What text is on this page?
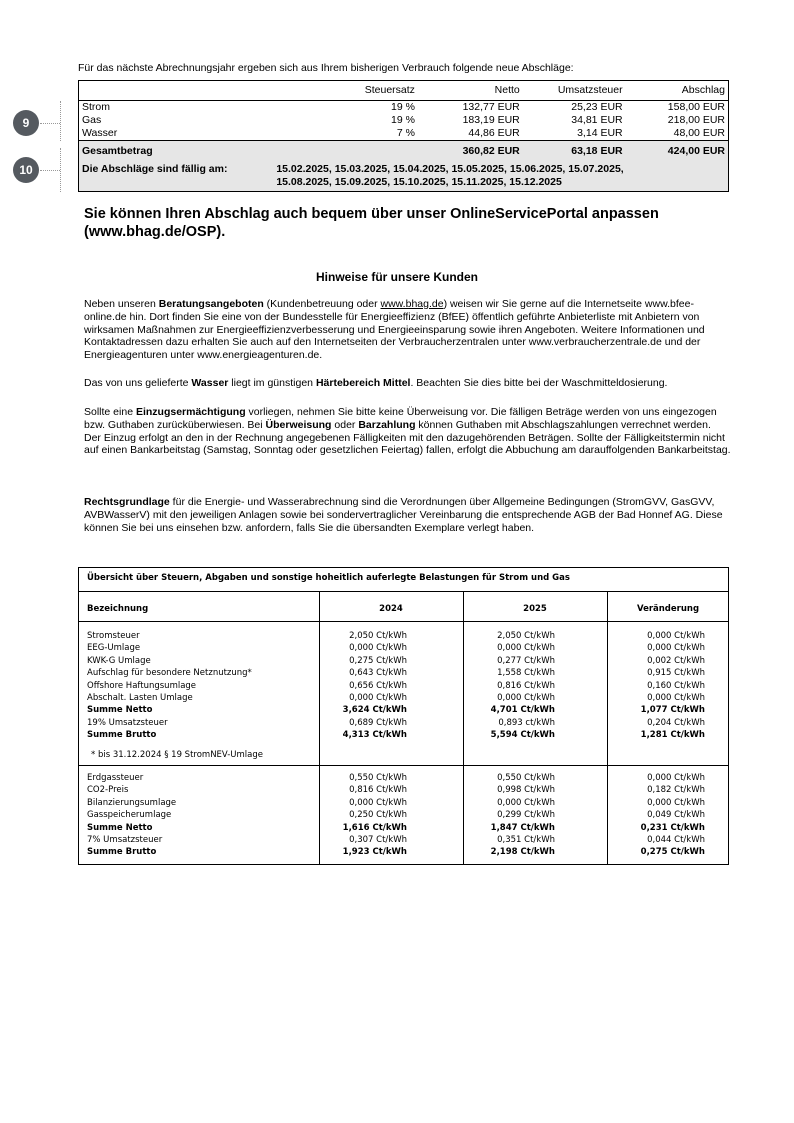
Für das nächste Abrechnungsjahr ergeben sich aus Ihrem bisherigen Verbrauch folgende neue Abschläge:
	Steuersatz	Netto	Umsatzsteuer	Abschlag
Strom	19 %	132,77 EUR	25,23 EUR	158,00 EUR
Gas	19 %	183,19 EUR	34,81 EUR	218,00 EUR
Wasser	7 %	44,86 EUR	3,14 EUR	48,00 EUR
Gesamtbetrag		360,82 EUR	63,18 EUR	424,00 EUR
Die Abschläge sind fällig am:	15.02.2025, 15.03.2025, 15.04.2025, 15.05.2025, 15.06.2025, 15.07.2025,
15.08.2025, 15.09.2025, 15.10.2025, 15.11.2025, 15.12.2025			
9
10
Sie können Ihren Abschlag auch bequem über unser OnlineServicePortal anpassen (www.bhag.de/OSP).
Hinweise für unsere Kunden

Neben unseren Beratungsangeboten (Kundenbetreuung oder www.bhag.de) weisen wir Sie gerne auf die Internetseite www.bfee-online.de hin. Dort finden Sie eine von der Bundesstelle für Energieeffizienz (BfEE) öffentlich geführte Anbieterliste mit Anbietern von wirksamen Maßnahmen zur Energieeffizienzverbesserung und Energieeinsparung sowie ihren Angeboten. Weitere Informationen und Kontaktadressen dazu erhalten Sie auch auf den Internetseiten der Verbraucherzentralen unter www.verbraucherzentrale.de und der Energieagenturen unter www.energieagenturen.de.

Das von uns gelieferte Wasser liegt im günstigen Härtebereich Mittel. Beachten Sie dies bitte bei der Waschmitteldosierung.

Sollte eine Einzugsermächtigung vorliegen, nehmen Sie bitte keine Überweisung vor. Die fälligen Beträge werden von uns eingezogen bzw. Guthaben zurücküberwiesen. Bei Überweisung oder Barzahlung können Guthaben mit Abschlagszahlungen verrechnet werden.

Der Einzug erfolgt an den in der Rechnung angegebenen Fälligkeiten mit den dazugehörenden Beträgen. Sollte der Fälligkeitstermin nicht auf einen Bankarbeitstag (Samstag, Sonntag oder gesetzlichen Feiertag) fallen, erfolgt die Abbuchung am darauffolgenden Bankarbeitstag.

Rechtsgrundlage für die Energie- und Wasserabrechnung sind die Verordnungen über Allgemeine Bedingungen (StromGVV, GasGVV, AVBWasserV) mit den jeweiligen Anlagen sowie bei sondervertraglicher Vereinbarung die entsprechende AGB der Bad Honnef AG. Diese können Sie bei uns einsehen bzw. anfordern, falls Sie die übersandten Exemplare verlegt haben.

Übersicht über Steuern, Abgaben und sonstige hoheitlich auferlegte Belastungen für Strom und Gas
Bezeichnung	2024	2025	Veränderung
* bis 31.12.2024 § 19 StromNEV-Umlage
Stromsteuer	2,050 Ct/kWh	2,050 Ct/kWh	0,000 Ct/kWh
EEG-Umlage	0,000 Ct/kWh	0,000 Ct/kWh	0,000 Ct/kWh
KWK-G Umlage	0,275 Ct/kWh	0,277 Ct/kWh	0,002 Ct/kWh
Aufschlag für besondere Netznutzung*	0,643 Ct/kWh	1,558 Ct/kWh	0,915 Ct/kWh
Offshore Haftungsumlage	0,656 Ct/kWh	0,816 Ct/kWh	0,160 Ct/kWh
Abschalt. Lasten Umlage	0,000 Ct/kWh	0,000 Ct/kWh	0,000 Ct/kWh
Summe Netto	3,624 Ct/kWh	4,701 Ct/kWh	1,077 Ct/kWh
19% Umsatzsteuer	0,689 Ct/kWh	0,893 ct/kWh	0,204 Ct/kWh
Summe Brutto	4,313 Ct/kWh	5,594 Ct/kWh	1,281 Ct/kWh
Erdgassteuer	0,550 Ct/kWh	0,550 Ct/kWh	0,000 Ct/kWh
CO2-Preis	0,816 Ct/kWh	0,998 Ct/kWh	0,182 Ct/kWh
Bilanzierungsumlage	0,000 Ct/kWh	0,000 Ct/kWh	0,000 Ct/kWh
Gasspeicherumlage	0,250 Ct/kWh	0,299 Ct/kWh	0,049 Ct/kWh
Summe Netto	1,616 Ct/kWh	1,847 Ct/kWh	0,231 Ct/kWh
7% Umsatzsteuer	0,307 Ct/kWh	0,351 Ct/kWh	0,044 Ct/kWh
Summe Brutto	1,923 Ct/kWh	2,198 Ct/kWh	0,275 Ct/kWh
